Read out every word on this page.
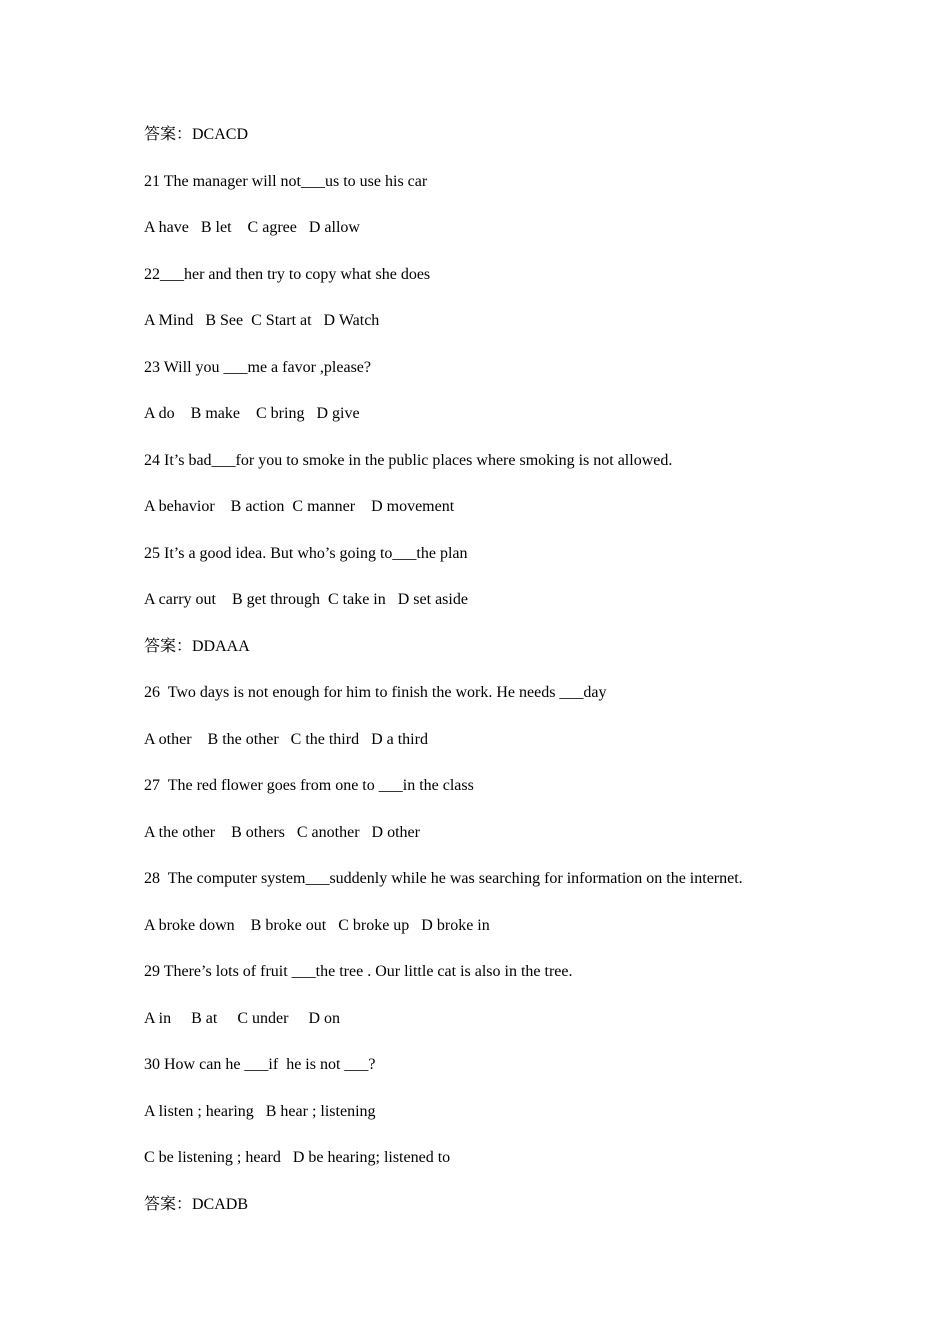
答案：DCACD
21 The manager will not___us to use his car
A have   B let    C agree   D allow
22___her and then try to copy what she does
A Mind   B See  C Start at   D Watch
23 Will you ___me a favor ,please?
A do    B make    C bring   D give
24 It’s bad___for you to smoke in the public places where smoking is not allowed.
A behavior    B action  C manner    D movement
25 It’s a good idea. But who’s going to___the plan
A carry out    B get through  C take in   D set aside
答案：DDAAA
26  Two days is not enough for him to finish the work. He needs ___day
A other    B the other   C the third   D a third
27  The red flower goes from one to ___in the class
A the other    B others   C another   D other
28  The computer system___suddenly while he was searching for information on the internet.
A broke down    B broke out   C broke up   D broke in
29 There’s lots of fruit ___the tree . Our little cat is also in the tree.
A in     B at     C under     D on
30 How can he ___if  he is not ___?
A listen ; hearing   B hear ; listening
C be listening ; heard   D be hearing; listened to
答案：DCADB
